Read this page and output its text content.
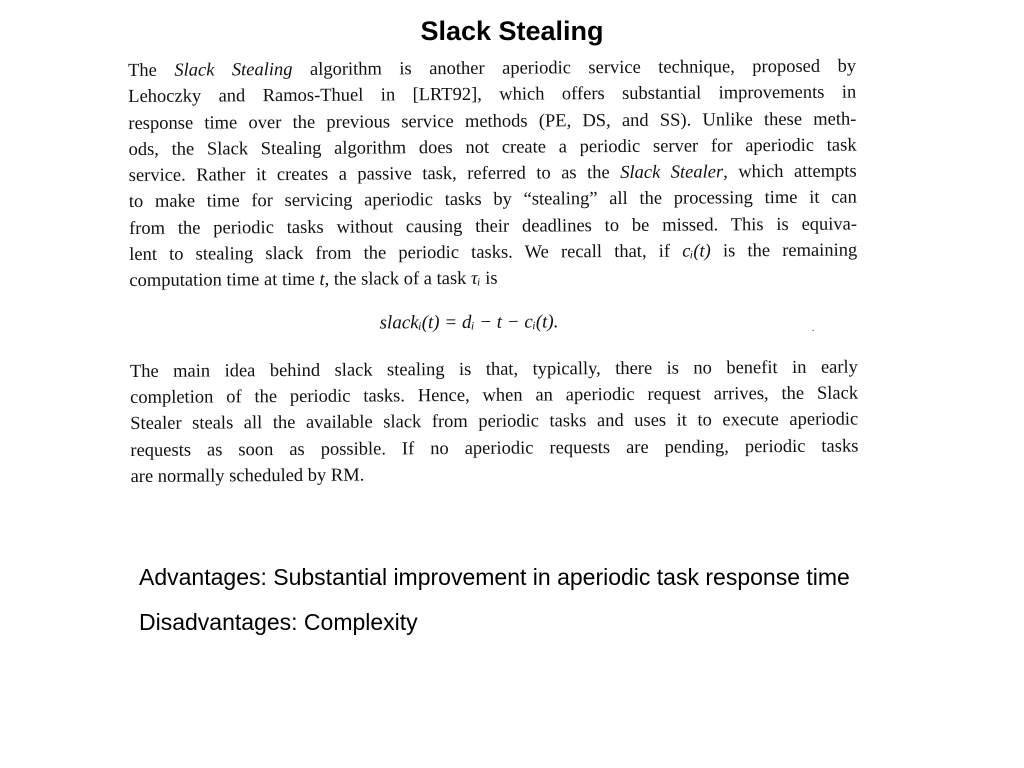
Slack Stealing

The Slack Stealing algorithm is another aperiodic service technique, proposed by
Lehoczky and Ramos-Thuel in [LRT92], which offers substantial improvements in
response time over the previous service methods (PE, DS, and SS). Unlike these meth-
ods, the Slack Stealing algorithm does not create a periodic server for aperiodic task
service. Rather it creates a passive task, referred to as the Slack Stealer, which attempts
to make time for servicing aperiodic tasks by “stealing” all the processing time it can
from the periodic tasks without causing their deadlines to be missed. This is equiva-
lent to stealing slack from the periodic tasks. We recall that, if cᵢ(t) is the remaining
computation time at time t, the slack of a task τᵢ is

slackᵢ(t) = dᵢ − t − cᵢ(t).	.

The main idea behind slack stealing is that, typically, there is no benefit in early
completion of the periodic tasks. Hence, when an aperiodic request arrives, the Slack
Stealer steals all the available slack from periodic tasks and uses it to execute aperiodic
requests as soon as possible. If no aperiodic requests are pending, periodic tasks
are normally scheduled by RM.

Advantages: Substantial improvement in aperiodic task response time
Disadvantages: Complexity
